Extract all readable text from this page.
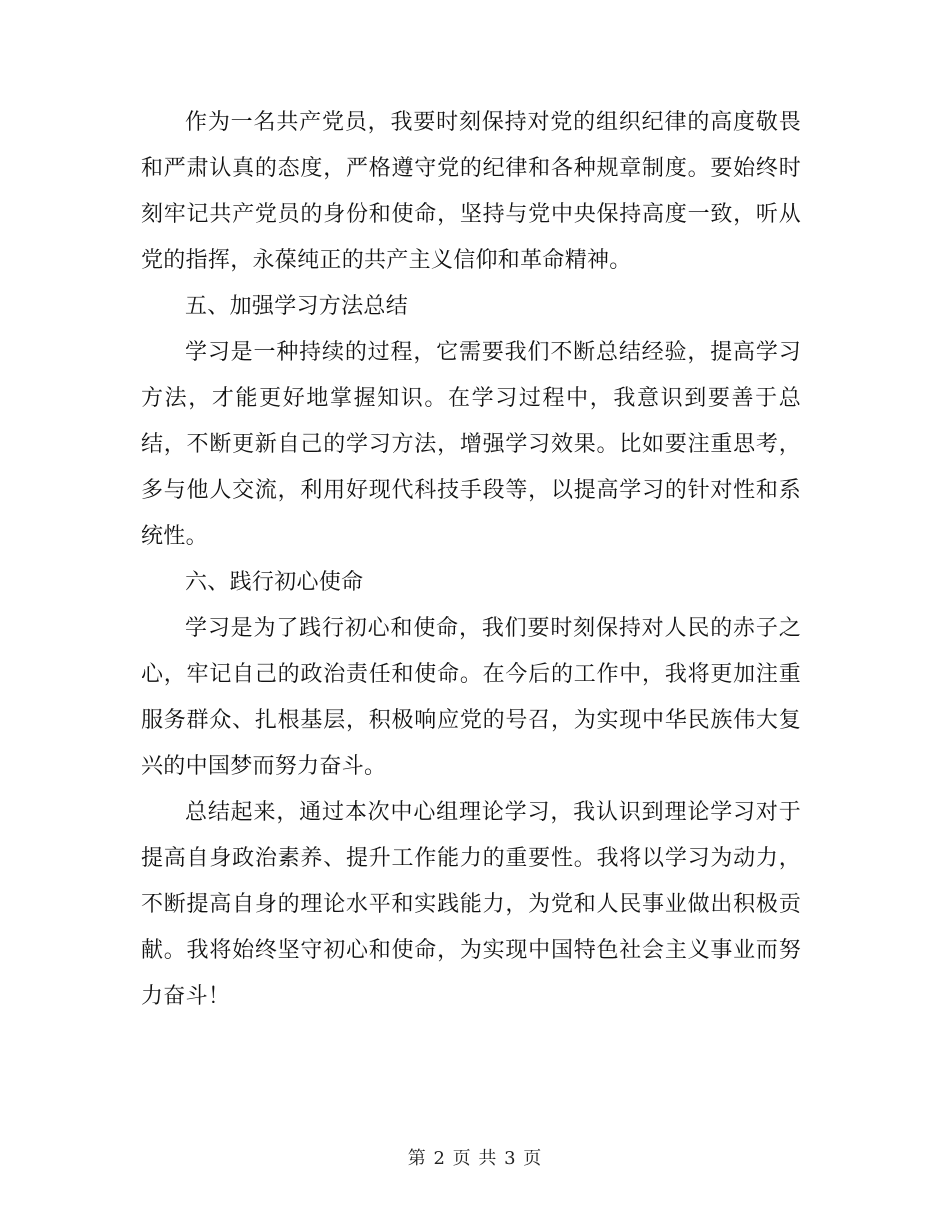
作为一名共产党员，我要时刻保持对党的组织纪律的高度敬畏和严肃认真的态度，严格遵守党的纪律和各种规章制度。要始终时刻牢记共产党员的身份和使命，坚持与党中央保持高度一致，听从党的指挥，永葆纯正的共产主义信仰和革命精神。

五、加强学习方法总结

学习是一种持续的过程，它需要我们不断总结经验，提高学习方法，才能更好地掌握知识。在学习过程中，我意识到要善于总结，不断更新自己的学习方法，增强学习效果。比如要注重思考，多与他人交流，利用好现代科技手段等，以提高学习的针对性和系统性。

六、践行初心使命

学习是为了践行初心和使命，我们要时刻保持对人民的赤子之心，牢记自己的政治责任和使命。在今后的工作中，我将更加注重服务群众、扎根基层，积极响应党的号召，为实现中华民族伟大复兴的中国梦而努力奋斗。

总结起来，通过本次中心组理论学习，我认识到理论学习对于提高自身政治素养、提升工作能力的重要性。我将以学习为动力，不断提高自身的理论水平和实践能力，为党和人民事业做出积极贡献。我将始终坚守初心和使命，为实现中国特色社会主义事业而努力奋斗！

第 2 页 共 3 页
